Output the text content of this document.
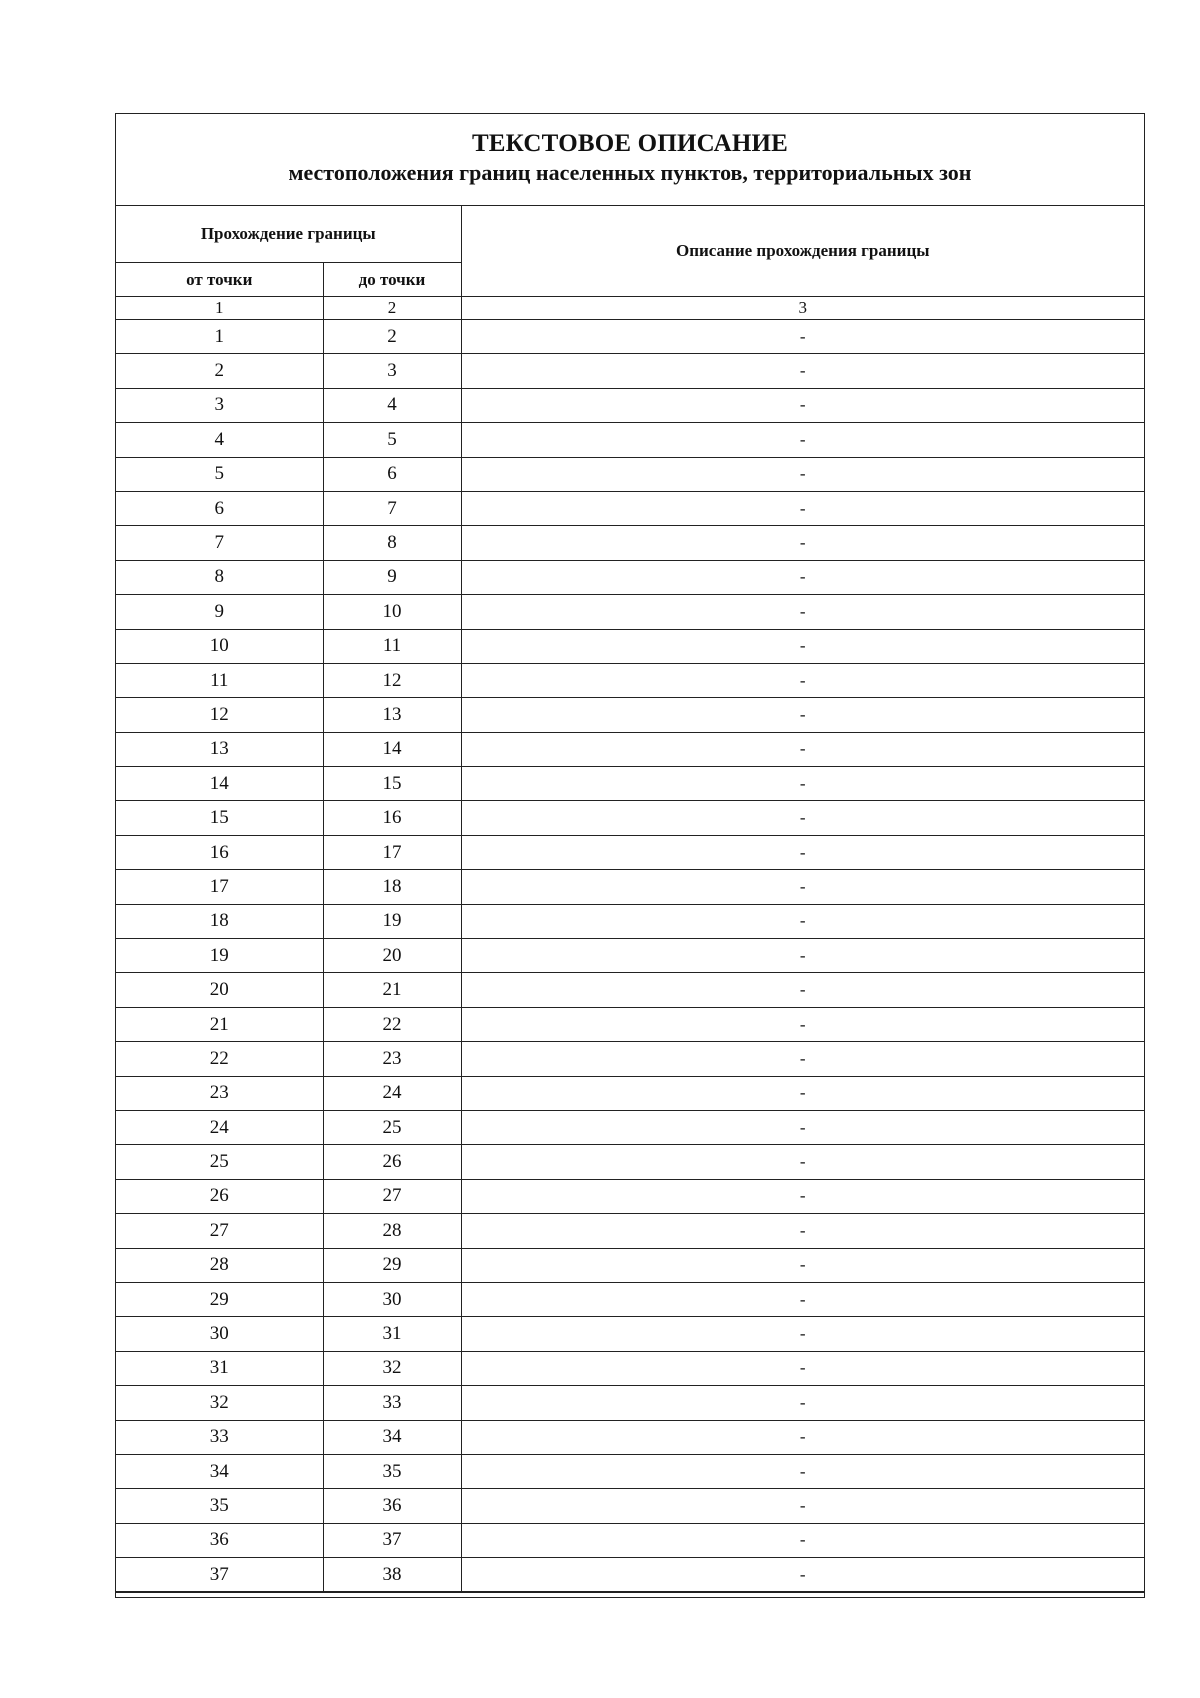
ТЕКСТОВОЕ ОПИСАНИЕ
местоположения границ населенных пунктов, территориальных зон
Прохождение границы		Описание прохождения границы
от точки	до точки	
1	2	3
1	2	-
2	3	-
3	4	-
4	5	-
5	6	-
6	7	-
7	8	-
8	9	-
9	10	-
10	11	-
11	12	-
12	13	-
13	14	-
14	15	-
15	16	-
16	17	-
17	18	-
18	19	-
19	20	-
20	21	-
21	22	-
22	23	-
23	24	-
24	25	-
25	26	-
26	27	-
27	28	-
28	29	-
29	30	-
30	31	-
31	32	-
32	33	-
33	34	-
34	35	-
35	36	-
36	37	-
37	38	-
